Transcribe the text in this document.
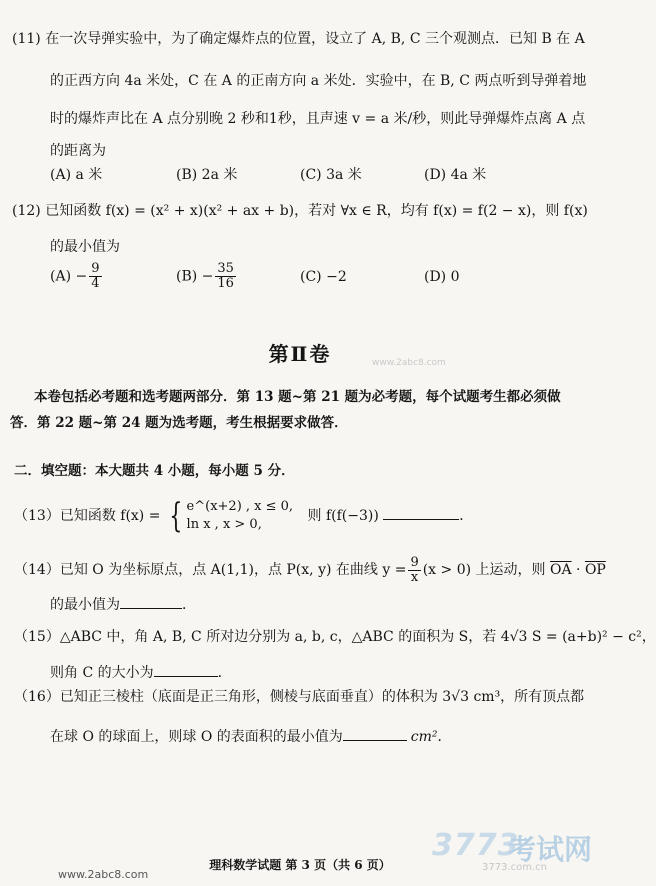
(11) 在一次导弹实验中，为了确定爆炸点的位置，设立了 A, B, C 三个观测点．已知 B 在 A
的正西方向 4a 米处，C 在 A 的正南方向 a 米处．实验中，在 B, C 两点听到导弹着地
时的爆炸声比在 A 点分别晚 2 秒和1秒，且声速 v = a 米/秒，则此导弹爆炸点离 A 点
的距离为
(A) a 米	(B) 2a 米	(C) 3a 米	(D) 4a 米
(12) 已知函数 f(x) = (x² + x)(x² + ax + b)，若对 ∀x ∈ R，均有 f(x) = f(2 − x)，则 f(x)
的最小值为
$(A) - \frac{9}{4}$	$(B) - \frac{35}{16}$	(C) −2	(D) 0
第Ⅱ卷	www.2abc8.com
本卷包括必考题和选考题两部分．第 13 题~第 21 题为必考题，每个试题考生都必须做
答．第 22 题~第 24 题为选考题，考生根据要求做答．
二．填空题：本大题共 4 小题，每小题 5 分．
（13）已知函数 f(x) = { e^(x+2) , x ≤ 0,
ln x , x > 0,
则 f(f(−3))	．
（14）已知 O 为坐标原点，点 A(1,1)，点 P(x, y) 在曲线 $y = \frac{9}{x} (x > 0)$ 上运动，则 $\overline{OA} \cdot \overline{OP}$
的最小值为	．
（15）△ABC 中，角 A, B, C 所对边分别为 a, b, c，△ABC 的面积为 S，若 4√3 S = (a+b)² − c²，
则角 C 的大小为	．
（16）已知正三棱柱（底面是正三角形，侧棱与底面垂直）的体积为 3√3 cm³，所有顶点都
在球 O 的球面上，则球 O 的表面积的最小值为	cm²．
3773
考试网
3773.com.cn
理科数学试题 第 3 页（共 6 页）
www.2abc8.com
